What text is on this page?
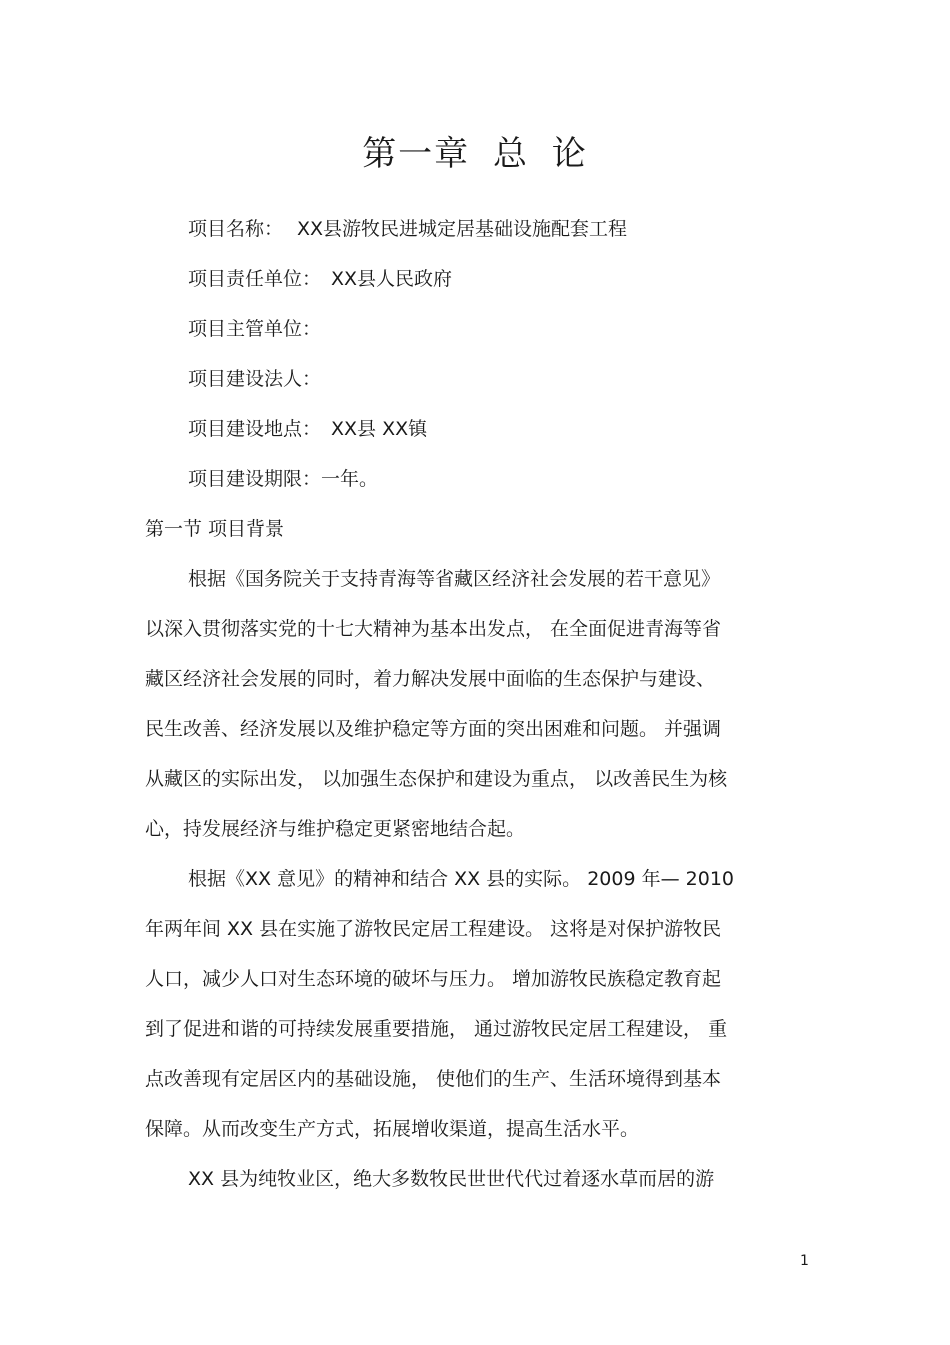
第一章 总 论
项目名称： XX县游牧民进城定居基础设施配套工程
项目责任单位： XX县人民政府
项目主管单位：
项目建设法人：
项目建设地点： XX县 XX镇
项目建设期限：一年。
第一节 项目背景
根据《国务院关于支持青海等省藏区经济社会发展的若干意见》
以深入贯彻落实党的十七大精神为基本出发点， 在全面促进青海等省
藏区经济社会发展的同时，着力解决发展中面临的生态保护与建设、
民生改善、经济发展以及维护稳定等方面的突出困难和问题。 并强调
从藏区的实际出发， 以加强生态保护和建设为重点， 以改善民生为核
心，持发展经济与维护稳定更紧密地结合起。
根据《XX 意见》的精神和结合 XX 县的实际。 2009 年— 2010
年两年间 XX 县在实施了游牧民定居工程建设。 这将是对保护游牧民
人口，减少人口对生态环境的破坏与压力。 增加游牧民族稳定教育起
到了促进和谐的可持续发展重要措施， 通过游牧民定居工程建设， 重
点改善现有定居区内的基础设施， 使他们的生产、生活环境得到基本
保障。从而改变生产方式，拓展增收渠道，提高生活水平。
XX 县为纯牧业区，绝大多数牧民世世代代过着逐水草而居的游
1
